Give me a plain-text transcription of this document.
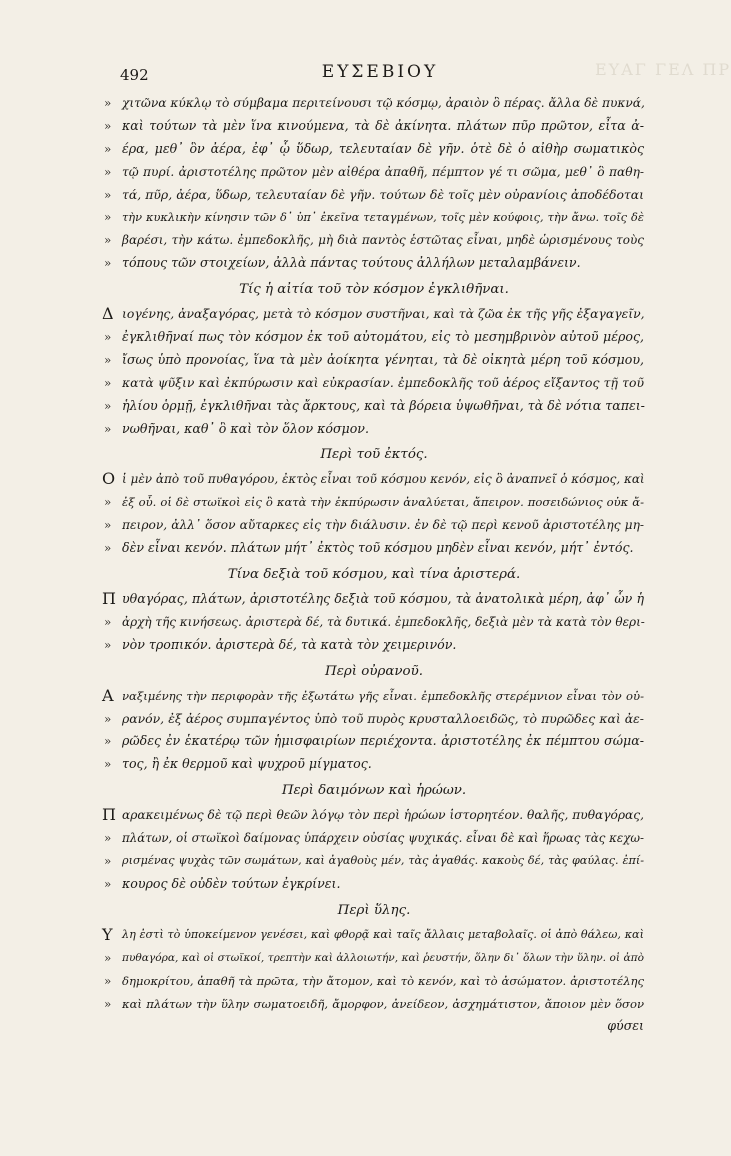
ΕΥΑΓ ΓΕΛ ΠΡ
492	ΕΥΣΕΒΙΟΥ
» χιτῶνα κύκλῳ τὸ σύμβαμα περιτείνουσι τῷ κόσμῳ, ἀραιὸν ὃ πέρας. ἄλλα δὲ πυκνά,
» καὶ τούτων τὰ μὲν ἵνα κινούμενα, τὰ δὲ ἀκίνητα. πλάτων πῦρ πρῶτον, εἶτα ἀ-
» έρα, μεθ᾽ ὃν ἀέρα, ἐφ᾽ ᾧ ὕδωρ, τελευταίαν δὲ γῆν. ὁτὲ δὲ ὁ αἰθὴρ σωματικὸς
» τῷ πυρί. ἀριστοτέλης πρῶτον μὲν αἰθέρα ἀπαθῆ, πέμπτον γέ τι σῶμα, μεθ᾽ ὃ παθη-
» τά, πῦρ, ἀέρα, ὕδωρ, τελευταίαν δὲ γῆν. τούτων δὲ τοῖς μὲν οὐρανίοις ἀποδέδοται
» τὴν κυκλικὴν κίνησιν τῶν δ᾽ ὑπ᾽ ἐκεῖνα τεταγμένων, τοῖς μὲν κούφοις, τὴν ἄνω. τοῖς δὲ
» βαρέσι, τὴν κάτω. ἐμπεδοκλῆς, μὴ διὰ παντὸς ἑστῶτας εἶναι, μηδὲ ὡρισμένους τοὺς
» τόπους τῶν στοιχείων, ἀλλὰ πάντας τούτους ἀλλήλων μεταλαμβάνειν.
Τίς ἡ αἰτία τοῦ τὸν κόσμον ἐγκλιθῆναι.
Δ ιογένης, ἀναξαγόρας, μετὰ τὸ κόσμον συστῆναι, καὶ τὰ ζῶα ἐκ τῆς γῆς ἐξαγαγεῖν,
» ἐγκλιθῆναί πως τὸν κόσμον ἐκ τοῦ αὐτομάτου, εἰς τὸ μεσημβρινὸν αὐτοῦ μέρος,
» ἴσως ὑπὸ προνοίας, ἵνα τὰ μὲν ἀοίκητα γένηται, τὰ δὲ οἰκητὰ μέρη τοῦ κόσμου,
» κατὰ ψῦξιν καὶ ἐκπύρωσιν καὶ εὐκρασίαν. ἐμπεδοκλῆς τοῦ ἀέρος εἴξαντος τῇ τοῦ
» ἡλίου ὁρμῇ, ἐγκλιθῆναι τὰς ἄρκτους, καὶ τὰ βόρεια ὑψωθῆναι, τὰ δὲ νότια ταπει-
» νωθῆναι, καθ᾽ ὃ καὶ τὸν ὅλον κόσμον.
Περὶ τοῦ ἐκτός.
Ο ἱ μὲν ἀπὸ τοῦ πυθαγόρου, ἐκτὸς εἶναι τοῦ κόσμου κενόν, εἰς ὃ ἀναπνεῖ ὁ κόσμος, καὶ
» ἐξ οὗ. οἱ δὲ στωϊκοὶ εἰς ὃ κατὰ τὴν ἐκπύρωσιν ἀναλύεται, ἄπειρον. ποσειδώνιος οὐκ ἄ-
» πειρον, ἀλλ᾽ ὅσον αὔταρκες εἰς τὴν διάλυσιν. ἐν δὲ τῷ περὶ κενοῦ ἀριστοτέλης μη-
» δὲν εἶναι κενόν. πλάτων μήτ᾽ ἐκτὸς τοῦ κόσμου μηδὲν εἶναι κενόν, μήτ᾽ ἐντός.
Τίνα δεξιὰ τοῦ κόσμου, καὶ τίνα ἀριστερά.
Π υθαγόρας, πλάτων, ἀριστοτέλης δεξιὰ τοῦ κόσμου, τὰ ἀνατολικὰ μέρη, ἀφ᾽ ὧν ἡ
» ἀρχὴ τῆς κινήσεως. ἀριστερὰ δέ, τὰ δυτικά. ἐμπεδοκλῆς, δεξιὰ μὲν τὰ κατὰ τὸν θερι-
» νὸν τροπικόν. ἀριστερὰ δέ, τὰ κατὰ τὸν χειμερινόν.
Περὶ οὐρανοῦ.
Α ναξιμένης τὴν περιφορὰν τῆς ἐξωτάτω γῆς εἶναι. ἐμπεδοκλῆς στερέμνιον εἶναι τὸν οὐ-
» ρανόν, ἐξ ἀέρος συμπαγέντος ὑπὸ τοῦ πυρὸς κρυσταλλοειδῶς, τὸ πυρῶδες καὶ ἀε-
» ρῶδες ἐν ἑκατέρῳ τῶν ἡμισφαιρίων περιέχοντα. ἀριστοτέλης ἐκ πέμπτου σώμα-
» τος, ἢ ἐκ θερμοῦ καὶ ψυχροῦ μίγματος.
Περὶ δαιμόνων καὶ ἡρώων.
Π αρακειμένως δὲ τῷ περὶ θεῶν λόγῳ τὸν περὶ ἡρώων ἱστορητέον. θαλῆς, πυθαγόρας,
» πλάτων, οἱ στωϊκοὶ δαίμονας ὑπάρχειν οὐσίας ψυχικάς. εἶναι δὲ καὶ ἥρωας τὰς κεχω-
» ρισμένας ψυχὰς τῶν σωμάτων, καὶ ἀγαθοὺς μέν, τὰς ἀγαθάς. κακοὺς δέ, τὰς φαύλας. ἐπί-
» κουρος δὲ οὐδὲν τούτων ἐγκρίνει.
Περὶ ὕλης.
Υ λη ἐστὶ τὸ ὑποκείμενον γενέσει, καὶ φθορᾷ καὶ ταῖς ἄλλαις μεταβολαῖς. οἱ ἀπὸ θάλεω, καὶ
» πυθαγόρα, καὶ οἱ στωϊκοί, τρεπτὴν καὶ ἀλλοιωτήν, καὶ ῥευστήν, ὅλην δι᾽ ὅλων τὴν ὕλην. οἱ ἀπὸ
» δημοκρίτου, ἀπαθῆ τὰ πρῶτα, τὴν ἄτομον, καὶ τὸ κενόν, καὶ τὸ ἀσώματον. ἀριστοτέλης
» καὶ πλάτων τὴν ὕλην σωματοειδῆ, ἄμορφον, ἀνείδεον, ἀσχημάτιστον, ἄποιον μὲν ὅσον
φύσει
